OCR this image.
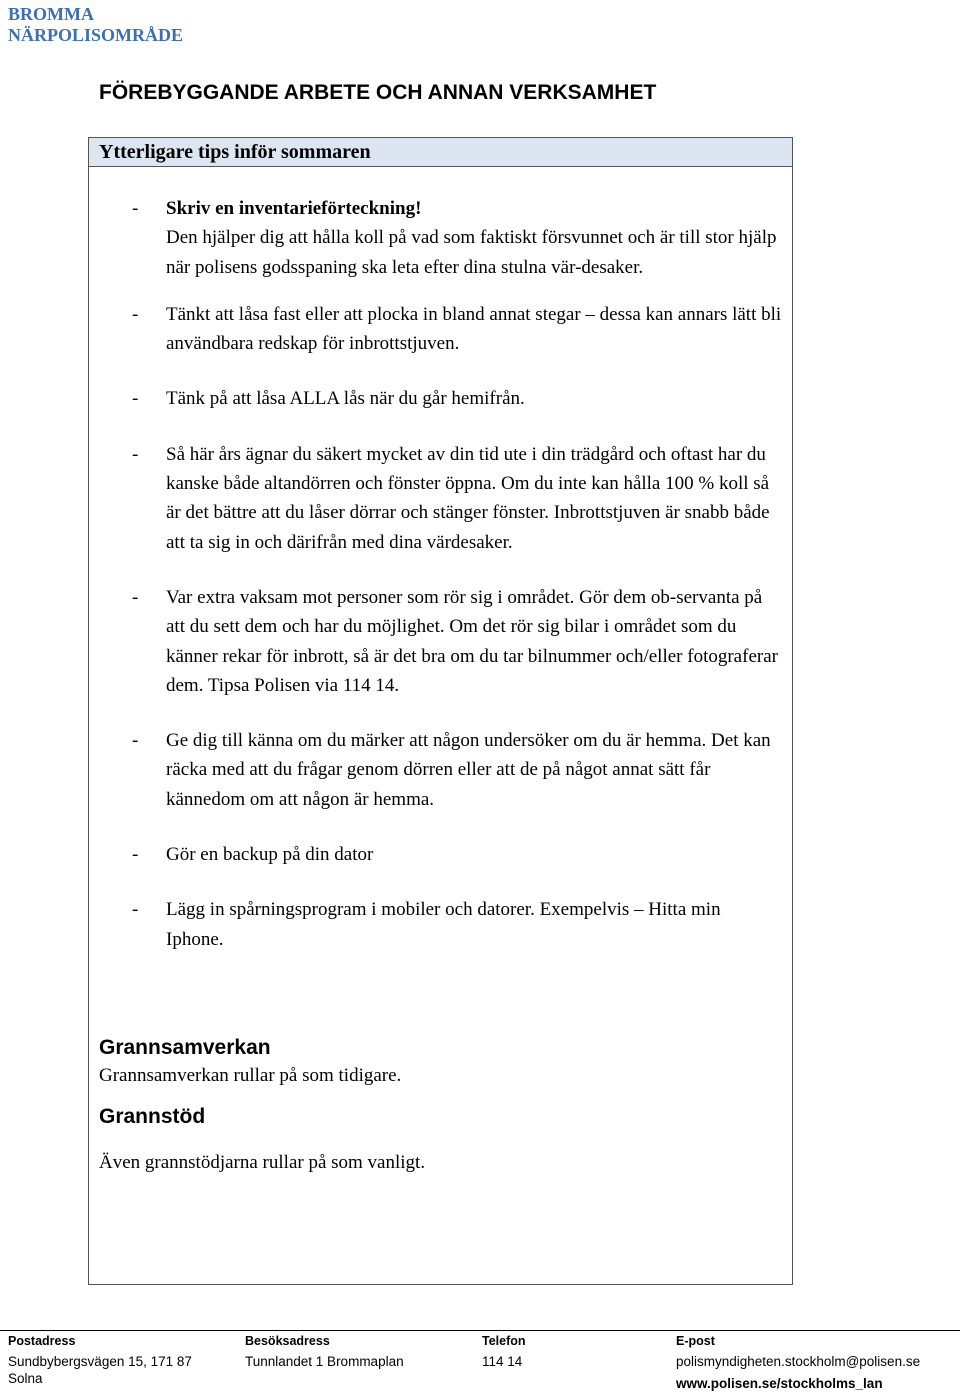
BROMMA
NÄRPOLISOMRÅDE
FÖREBYGGANDE ARBETE OCH ANNAN VERKSAMHET
Ytterligare tips inför sommaren
- Skriv en inventarieförteckning!
Den hjälper dig att hålla koll på vad som faktiskt försvunnet och är till stor hjälp när polisens godsspaning ska leta efter dina stulna vär-desaker.
- Tänkt att låsa fast eller att plocka in bland annat stegar – dessa kan annars lätt bli användbara redskap för inbrottstjuven.
- Tänk på att låsa ALLA lås när du går hemifrån.
- Så här års ägnar du säkert mycket av din tid ute i din trädgård och oftast har du kanske både altandörren och fönster öppna. Om du inte kan hålla 100 % koll så är det bättre att du låser dörrar och stänger fönster. Inbrottstjuven är snabb både att ta sig in och därifrån med dina värdesaker.
- Var extra vaksam mot personer som rör sig i området. Gör dem ob-servanta på att du sett dem och har du möjlighet. Om det rör sig bilar i området som du känner rekar för inbrott, så är det bra om du tar bilnummer och/eller fotograferar dem. Tipsa Polisen via 114 14.
- Ge dig till känna om du märker att någon undersöker om du är hemma. Det kan räcka med att du frågar genom dörren eller att de på något annat sätt får kännedom om att någon är hemma.
- Gör en backup på din dator
- Lägg in spårningsprogram i mobiler och datorer. Exempelvis – Hitta min Iphone.
Grannsamverkan

Grannsamverkan rullar på som tidigare.

Grannstöd

Även grannstödjarna rullar på som vanligt.

Postadress
Sundbybergsvägen 15, 171 87
Solna
Besöksadress
Tunnlandet 1 Brommaplan
Telefon
114 14
E-post
polismyndigheten.stockholm@polisen.se
www.polisen.se/stockholms_lan
